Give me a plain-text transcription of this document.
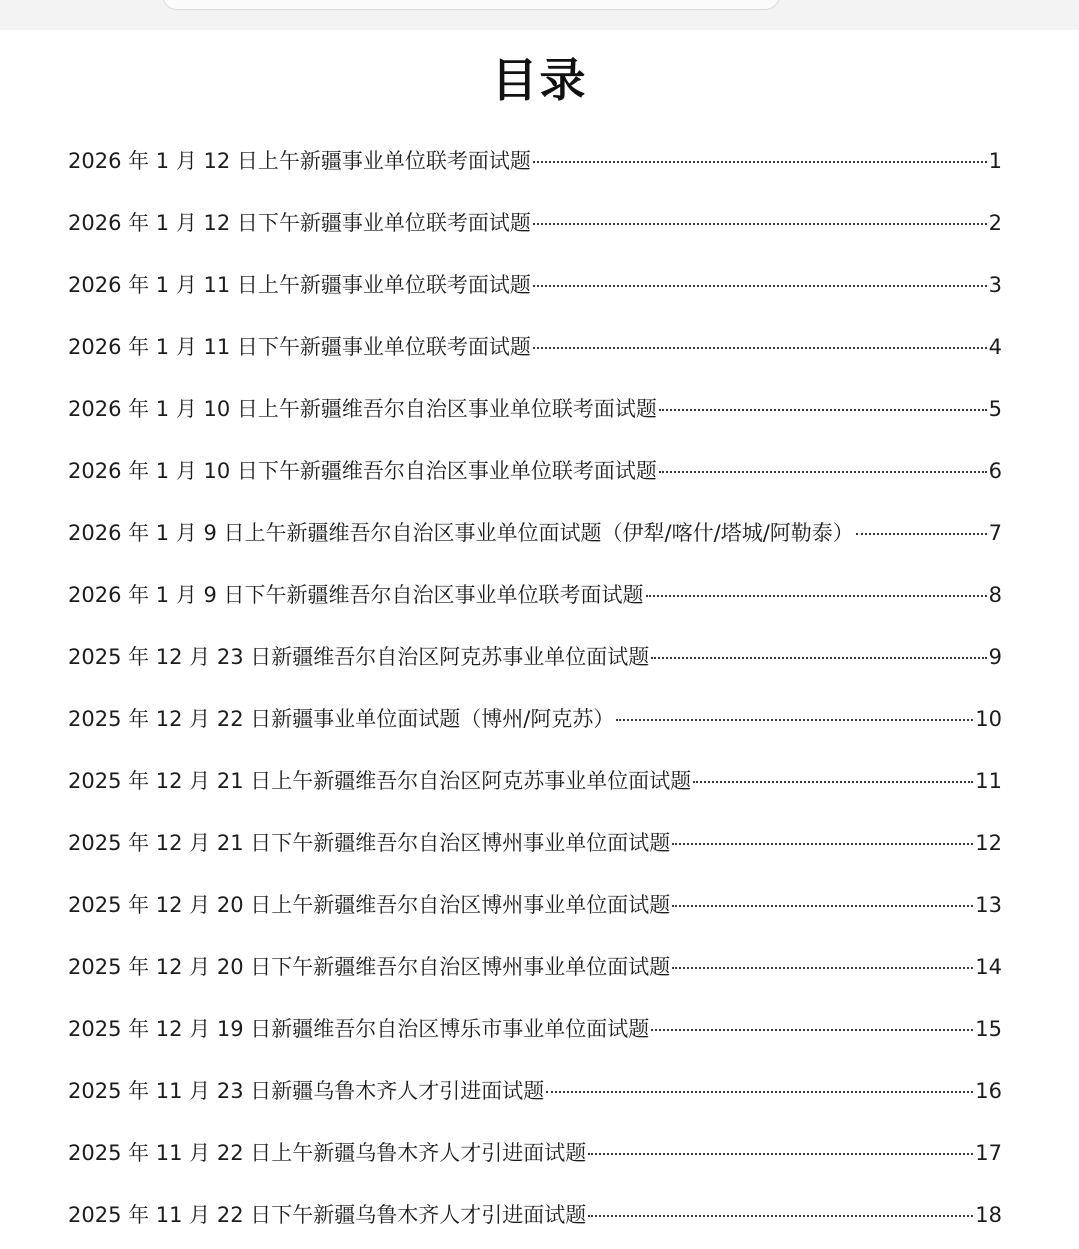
目录
2026 年 1 月 12 日上午新疆事业单位联考面试题	1
2026 年 1 月 12 日下午新疆事业单位联考面试题	2
2026 年 1 月 11 日上午新疆事业单位联考面试题	3
2026 年 1 月 11 日下午新疆事业单位联考面试题	4
2026 年 1 月 10 日上午新疆维吾尔自治区事业单位联考面试题	5
2026 年 1 月 10 日下午新疆维吾尔自治区事业单位联考面试题	6
2026 年 1 月 9 日上午新疆维吾尔自治区事业单位面试题（伊犁/喀什/塔城/阿勒泰）	7
2026 年 1 月 9 日下午新疆维吾尔自治区事业单位联考面试题	8
2025 年 12 月 23 日新疆维吾尔自治区阿克苏事业单位面试题	9
2025 年 12 月 22 日新疆事业单位面试题（博州/阿克苏）	10
2025 年 12 月 21 日上午新疆维吾尔自治区阿克苏事业单位面试题	11
2025 年 12 月 21 日下午新疆维吾尔自治区博州事业单位面试题	12
2025 年 12 月 20 日上午新疆维吾尔自治区博州事业单位面试题	13
2025 年 12 月 20 日下午新疆维吾尔自治区博州事业单位面试题	14
2025 年 12 月 19 日新疆维吾尔自治区博乐市事业单位面试题	15
2025 年 11 月 23 日新疆乌鲁木齐人才引进面试题	16
2025 年 11 月 22 日上午新疆乌鲁木齐人才引进面试题	17
2025 年 11 月 22 日下午新疆乌鲁木齐人才引进面试题	18
